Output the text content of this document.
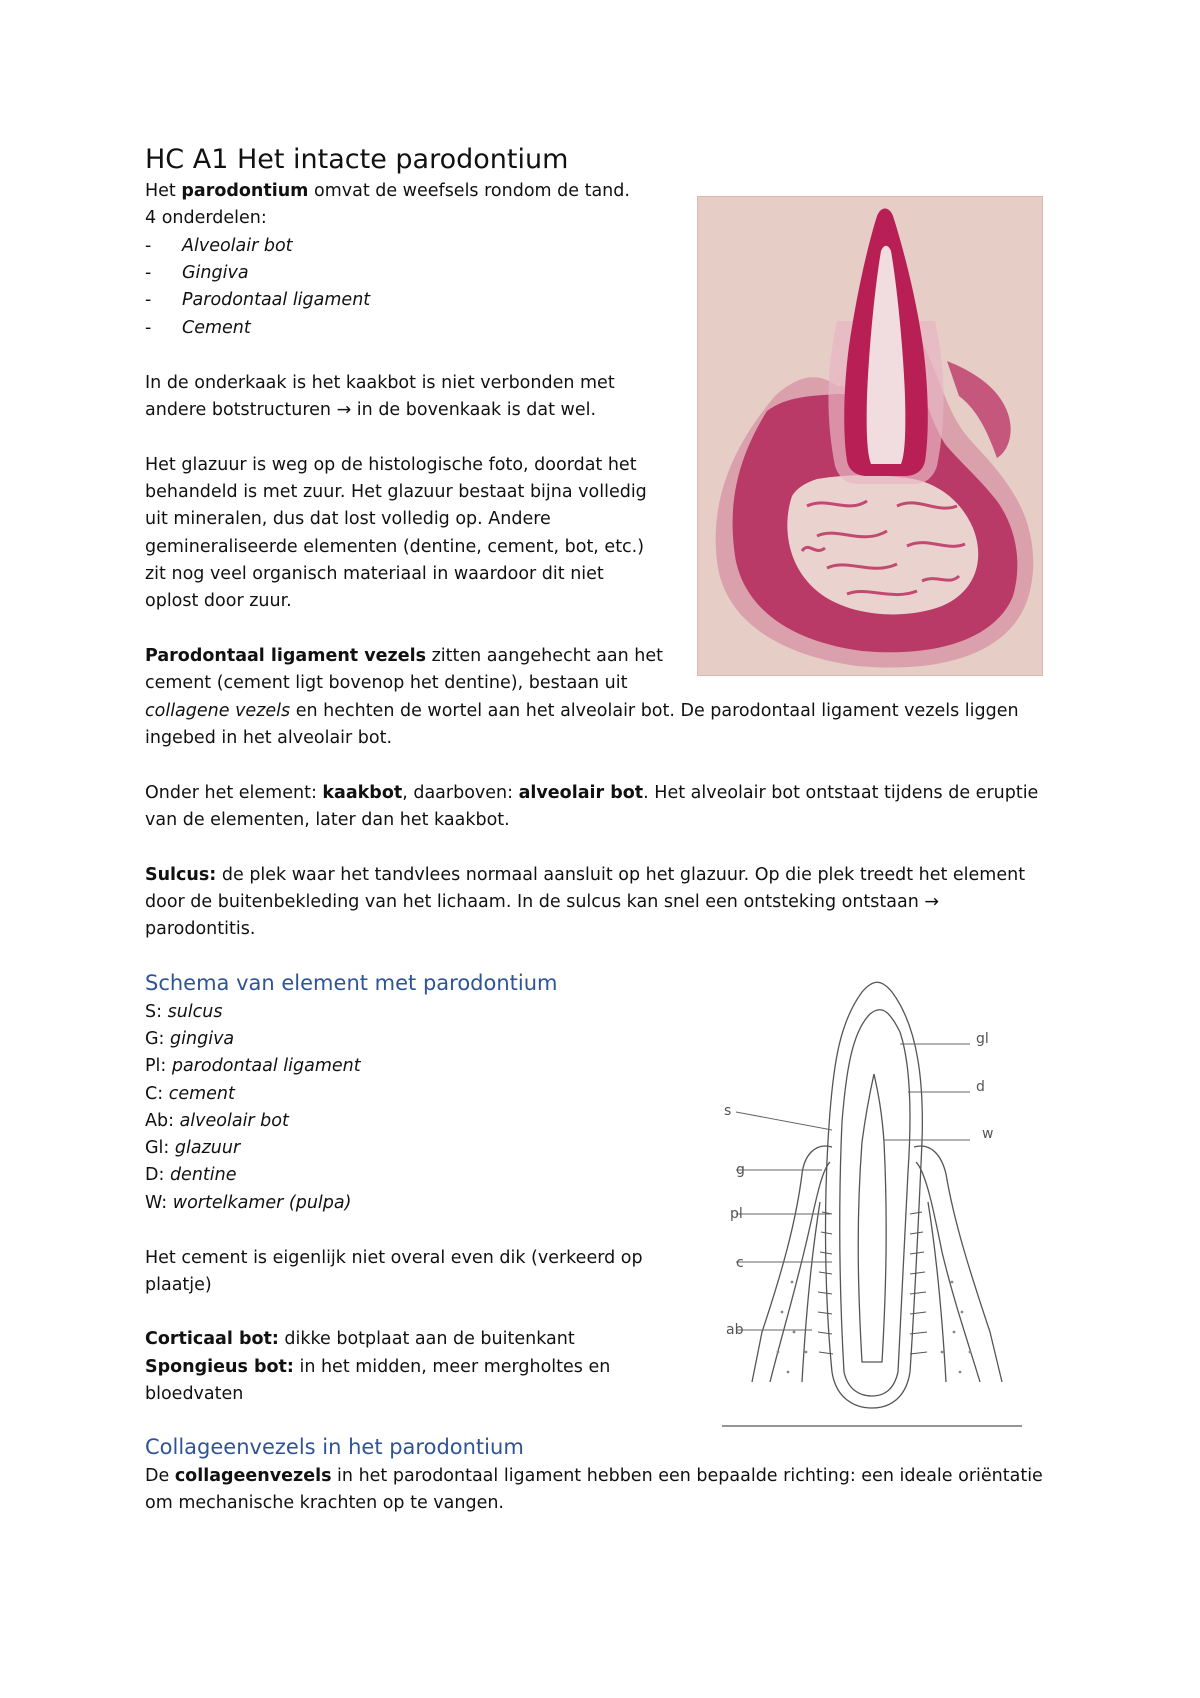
HC A1 Het intacte parodontium

Het parodontium omvat de weefsels rondom de tand.

4 onderdelen:

- Alveolair bot
- Gingiva
- Parodontaal ligament
- Cement

In de onderkaak is het kaakbot is niet verbonden met

andere botstructuren → in de bovenkaak is dat wel.

Het glazuur is weg op de histologische foto, doordat het

behandeld is met zuur. Het glazuur bestaat bijna volledig

uit mineralen, dus dat lost volledig op. Andere

gemineraliseerde elementen (dentine, cement, bot, etc.)

zit nog veel organisch materiaal in waardoor dit niet

oplost door zuur.

Parodontaal ligament vezels zitten aangehecht aan het

cement (cement ligt bovenop het dentine), bestaan uit

collagene vezels en hechten de wortel aan het alveolair bot. De parodontaal ligament vezels liggen

ingebed in het alveolair bot.

Onder het element: kaakbot, daarboven: alveolair bot. Het alveolair bot ontstaat tijdens de eruptie

van de elementen, later dan het kaakbot.

Sulcus: de plek waar het tandvlees normaal aansluit op het glazuur. Op die plek treedt het element

door de buitenbekleding van het lichaam. In de sulcus kan snel een ontsteking ontstaan →

parodontitis.

Schema van element met parodontium

S: sulcus

G: gingiva

Pl: parodontaal ligament

C: cement

Ab: alveolair bot

Gl: glazuur

D: dentine

W: wortelkamer (pulpa)

Het cement is eigenlijk niet overal even dik (verkeerd op

plaatje)

Corticaal bot: dikke botplaat aan de buitenkant

Spongieus bot: in het midden, meer mergholtes en

bloedvaten

Collageenvezels in het parodontium

De collageenvezels in het parodontaal ligament hebben een bepaalde richting: een ideale oriëntatie

om mechanische krachten op te vangen.

gl
d
w
s
g
pl
c
ab
